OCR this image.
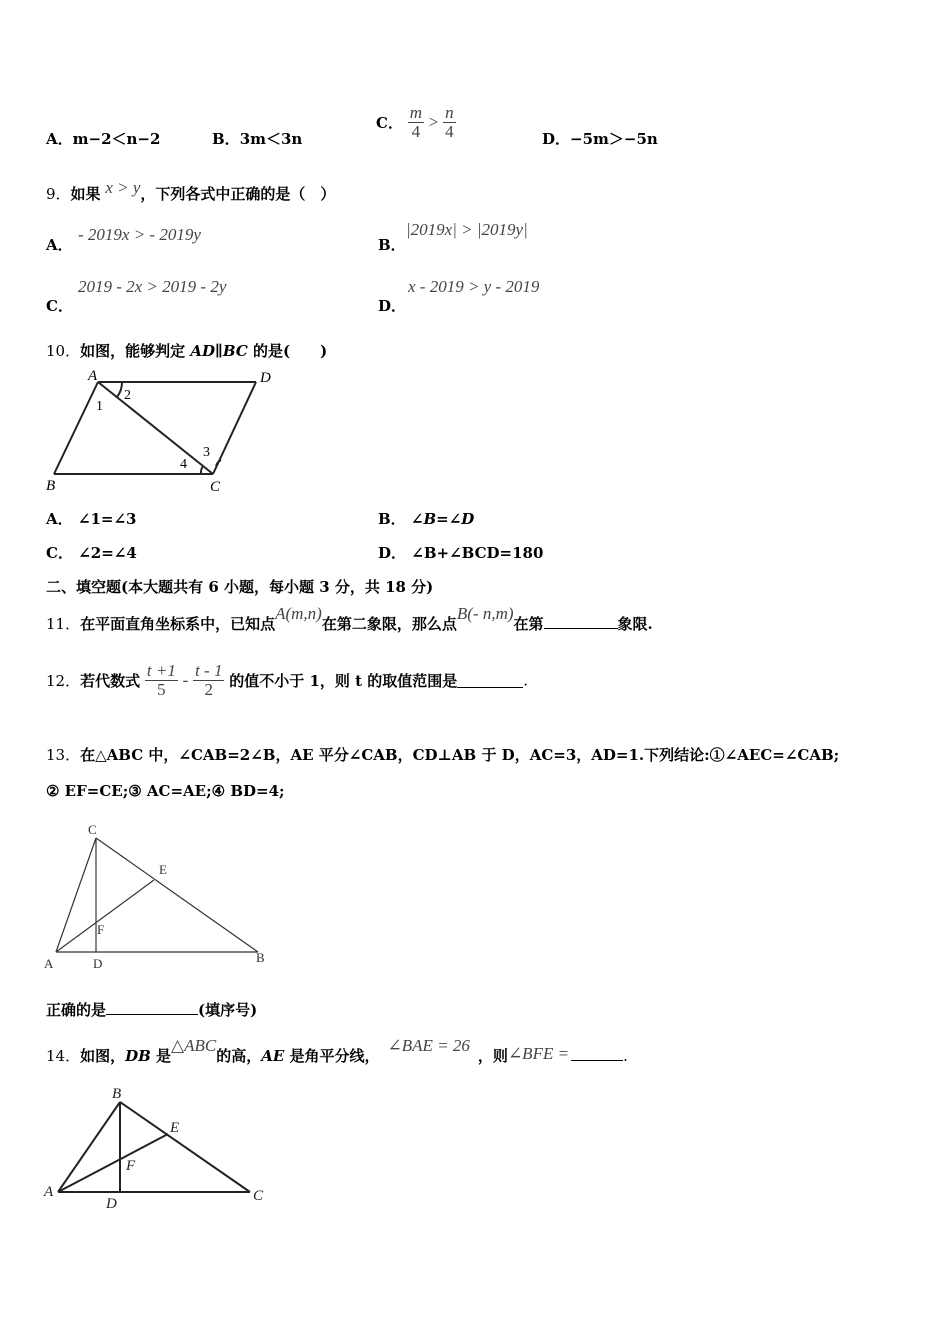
A．m−2＜n−2	B．3m＜3n
C． $\frac{m}{4} > \frac{n}{4}$	D．−5m＞−5n
9．如果 x > y，下列各式中正确的是（　）
A．
- 2019x > - 2019y
B．
|2019x| > |2019y|
C．
2019 - 2x > 2019 - 2y
D．
x - 2019 > y - 2019
10．如图，能够判定 AD∥BC 的是(　　)
A	D
B	C
1
2
3
4
A． ∠1=∠3	B． ∠B=∠D
C． ∠2=∠4	D． ∠B+∠BCD=180
二、填空题(本大题共有 6 小题，每小题 3 分，共 18 分)
11．在平面直角坐标系中，已知点A(m,n)在第二象限，那么点B(- n,m)在第	象限.
12．若代数式 $\frac{t +1}{5} - \frac{t - 1}{2}$ 的值不小于 1，则 t 的取值范围是	.
13．在△ABC 中，∠CAB=2∠B，AE 平分∠CAB，CD⊥AB 于 D，AC=3，AD=1.下列结论:①∠AEC=∠CAB;
② EF=CE;③ AC=AE;④ BD=4;
C
E
F
A	D	B
正确的是	(填序号)
14．如图，DB 是△ABC的高，AE 是角平分线，∠BAE = 26，则∠BFE =	.
B
E
F
A
D	C
